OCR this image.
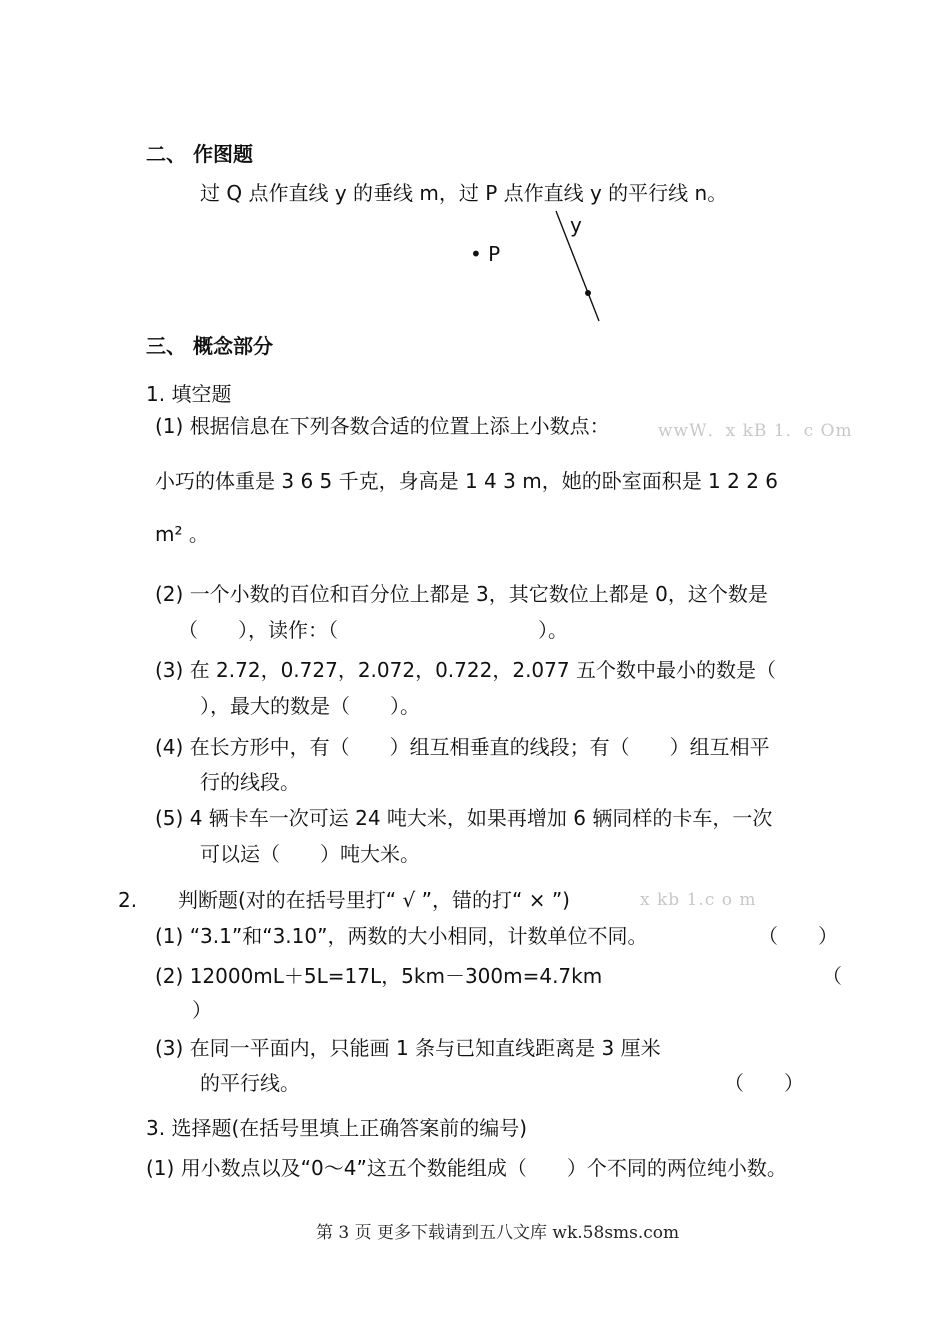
二、 作图题
过 Q 点作直线 y 的垂线 m，过 P 点作直线 y 的平行线 n。
y
• P
三、 概念部分
1. 填空题
(1) 根据信息在下列各数合适的位置上添上小数点：	wwW．x kB 1．c Om
小巧的体重是 3 6 5 千克，身高是 1 4 3 m，她的卧室面积是 1 2 2 6
m² 。
(2) 一个小数的百位和百分位上都是 3，其它数位上都是 0，这个数是
（　　），读作：（　　　　　　　　　　）。
(3) 在 2.72，0.727，2.072，0.722，2.077 五个数中最小的数是（
），最大的数是（　　）。
(4) 在长方形中，有（　　）组互相垂直的线段；有（　　）组互相平
行的线段。
(5) 4 辆卡车一次可运 24 吨大米，如果再增加 6 辆同样的卡车，一次
可以运（　　）吨大米。
2. 判断题(对的在括号里打“ √ ”，错的打“ × ”)	x kb 1.c o m
(1) “3.1”和“3.10”，两数的大小相同，计数单位不同。	（　　）
(2) 12000mL＋5L=17L，5km－300m=4.7km	（
）
(3) 在同一平面内，只能画 1 条与已知直线距离是 3 厘米
的平行线。	（　　）
3. 选择题(在括号里填上正确答案前的编号)
(1) 用小数点以及“0～4”这五个数能组成（　　）个不同的两位纯小数。
第 3 页 更多下载请到五八文库 wk.58sms.com
